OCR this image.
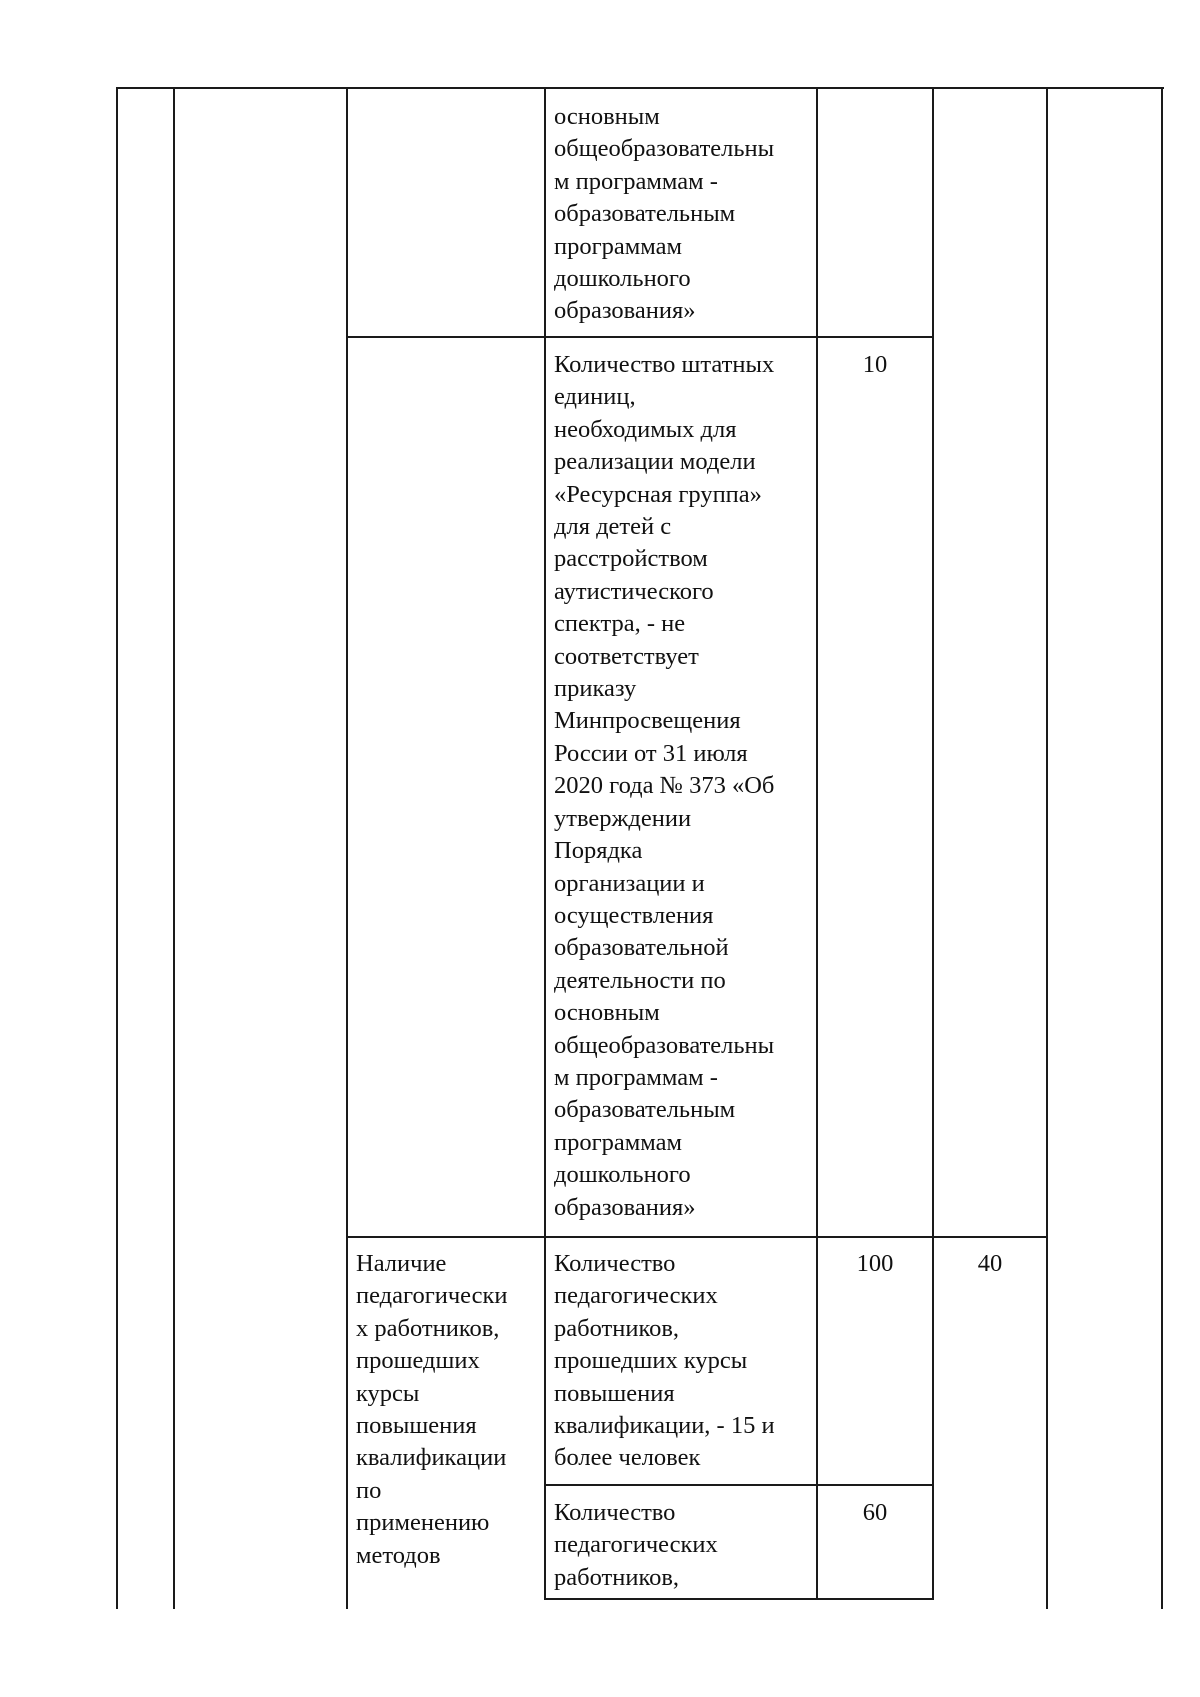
основным
общеобразовательны
м программам -
образовательным
программам
дошкольного
образования»
Количество штатных
единиц,
необходимых для
реализации модели
«Ресурсная группа»
для детей с
расстройством
аутистического
спектра, - не
соответствует
приказу
Минпросвещения
России от 31 июля
2020 года № 373 «Об
утверждении
Порядка
организации и
осуществления
образовательной
деятельности по
основным
общеобразовательны
м программам -
образовательным
программам
дошкольного
образования»
10
Наличие
педагогически
х работников,
прошедших
курсы
повышения
квалификации
по
применению
методов
Количество
педагогических
работников,
прошедших курсы
повышения
квалификации, - 15 и
более человек
100	40
Количество
педагогических
работников,
60
